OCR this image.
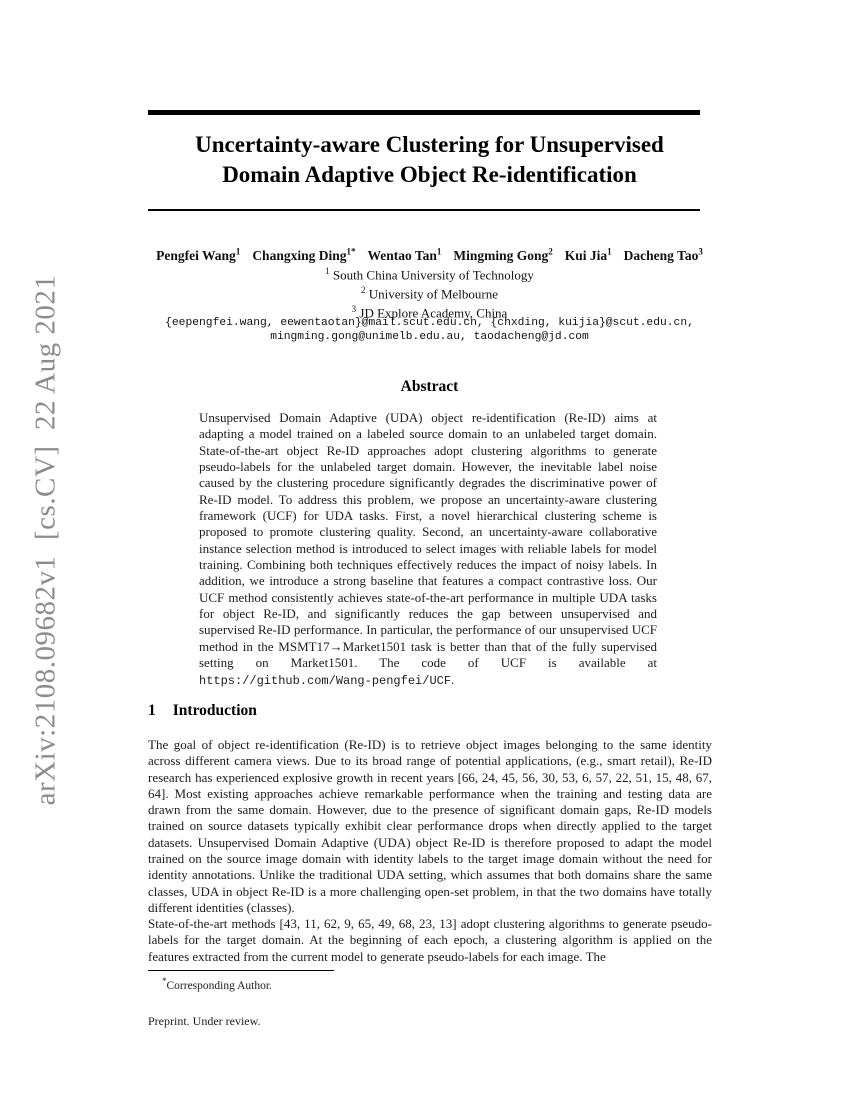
arXiv:2108.09682v1  [cs.CV]  22 Aug 2021
Uncertainty-aware Clustering for Unsupervised
Domain Adaptive Object Re-identification
Pengfei Wang$^1$ Changxing Ding$^{1*}$ Wentao Tan$^1$ Mingming Gong$^2$ Kui Jia$^1$ Dacheng Tao$^3$
$^1$ South China University of Technology
$^2$ University of Melbourne
$^3$ JD Explore Academy, China
{eepengfei.wang, eewentaotan}@mail.scut.edu.cn, {chxding, kuijia}@scut.edu.cn,
mingming.gong@unimelb.edu.au, taodacheng@jd.com
Abstract
Unsupervised Domain Adaptive (UDA) object re-identification (Re-ID) aims at adapting a model trained on a labeled source domain to an unlabeled target domain. State-of-the-art object Re-ID approaches adopt clustering algorithms to generate pseudo-labels for the unlabeled target domain. However, the inevitable label noise caused by the clustering procedure significantly degrades the discriminative power of Re-ID model. To address this problem, we propose an uncertainty-aware clustering framework (UCF) for UDA tasks. First, a novel hierarchical clustering scheme is proposed to promote clustering quality. Second, an uncertainty-aware collaborative instance selection method is introduced to select images with reliable labels for model training. Combining both techniques effectively reduces the impact of noisy labels. In addition, we introduce a strong baseline that features a compact contrastive loss. Our UCF method consistently achieves state-of-the-art performance in multiple UDA tasks for object Re-ID, and significantly reduces the gap between unsupervised and supervised Re-ID performance. In particular, the performance of our unsupervised UCF method in the MSMT17→Market1501 task is better than that of the fully supervised setting on Market1501. The code of UCF is available at https://github.com/Wang-pengfei/UCF.
1 Introduction
The goal of object re-identification (Re-ID) is to retrieve object images belonging to the same identity across different camera views. Due to its broad range of potential applications, (e.g., smart retail), Re-ID research has experienced explosive growth in recent years [66, 24, 45, 56, 30, 53, 6, 57, 22, 51, 15, 48, 67, 64]. Most existing approaches achieve remarkable performance when the training and testing data are drawn from the same domain. However, due to the presence of significant domain gaps, Re-ID models trained on source datasets typically exhibit clear performance drops when directly applied to the target datasets. Unsupervised Domain Adaptive (UDA) object Re-ID is therefore proposed to adapt the model trained on the source image domain with identity labels to the target image domain without the need for identity annotations. Unlike the traditional UDA setting, which assumes that both domains share the same classes, UDA in object Re-ID is a more challenging open-set problem, in that the two domains have totally different identities (classes).
State-of-the-art methods [43, 11, 62, 9, 65, 49, 68, 23, 13] adopt clustering algorithms to generate pseudo-labels for the target domain. At the beginning of each epoch, a clustering algorithm is applied on the features extracted from the current model to generate pseudo-labels for each image. The
*Corresponding Author.
Preprint. Under review.
